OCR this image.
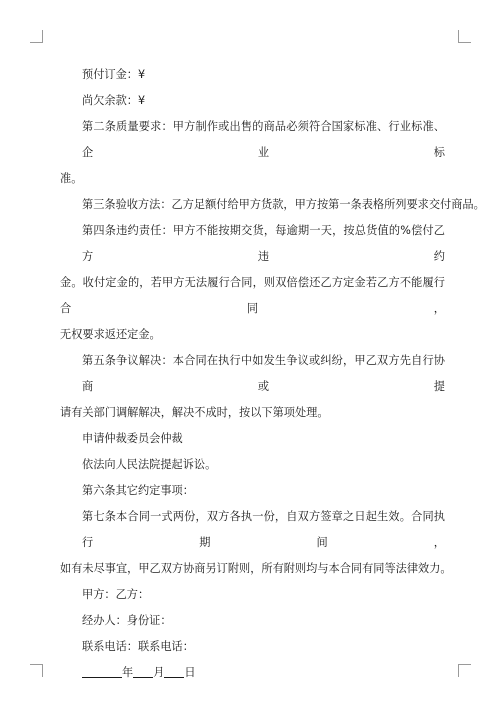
预付订金：¥

尚欠余款：¥

第二条质量要求：甲方制作或出售的商品必须符合国家标准、行业标准、企业标

准。

第三条验收方法：乙方足额付给甲方货款，甲方按第一条表格所列要求交付商品。

第四条违约责任：甲方不能按期交货，每逾期一天，按总货值的%偿付乙方违约

金。收付定金的，若甲方无法履行合同，则双倍偿还乙方定金若乙方不能履行合同，

无权要求返还定金。

第五条争议解决：本合同在执行中如发生争议或纠纷，甲乙双方先自行协商或提

请有关部门调解解决，解决不成时，按以下第项处理。

申请仲裁委员会仲裁

依法向人民法院提起诉讼。

第六条其它约定事项：

第七条本合同一式两份，双方各执一份，自双方签章之日起生效。合同执行期间，

如有未尽事宜，甲乙双方协商另订附则，所有附则均与本合同有同等法律效力。

甲方：乙方：

经办人：身份证：

联系电话：联系电话：

年 月 日
